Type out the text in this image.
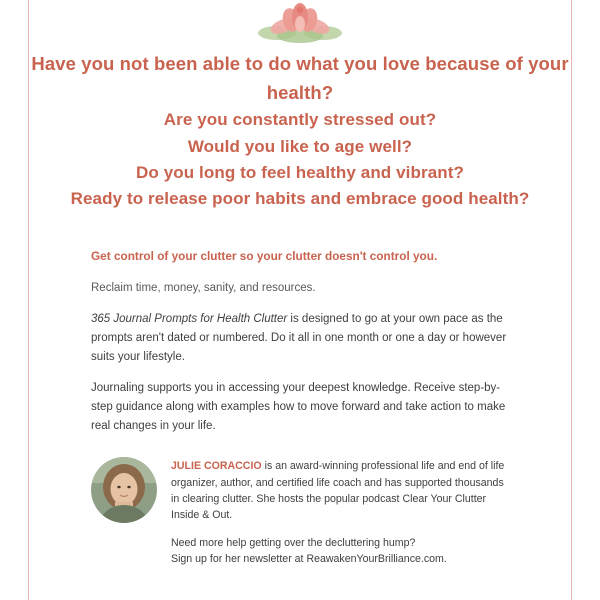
Have you not been able to do what you love because of your health?
Are you constantly stressed out?
Would you like to age well?
Do you long to feel healthy and vibrant?
Ready to release poor habits and embrace good health?

Get control of your clutter so your clutter doesn't control you.

Reclaim time, money, sanity, and resources.

365 Journal Prompts for Health Clutter is designed to go at your own pace as the prompts aren't dated or numbered. Do it all in one month or one a day or however suits your lifestyle.

Journaling supports you in accessing your deepest knowledge. Receive step-by-step guidance along with examples how to move forward and take action to make real changes in your life.

JULIE CORACCIO is an award-winning professional life and end of life organizer, author, and certified life coach and has supported thousands in clearing clutter. She hosts the popular podcast Clear Your Clutter Inside & Out.

Need more help getting over the decluttering hump?

Sign up for her newsletter at ReawakenYourBrilliance.com.
